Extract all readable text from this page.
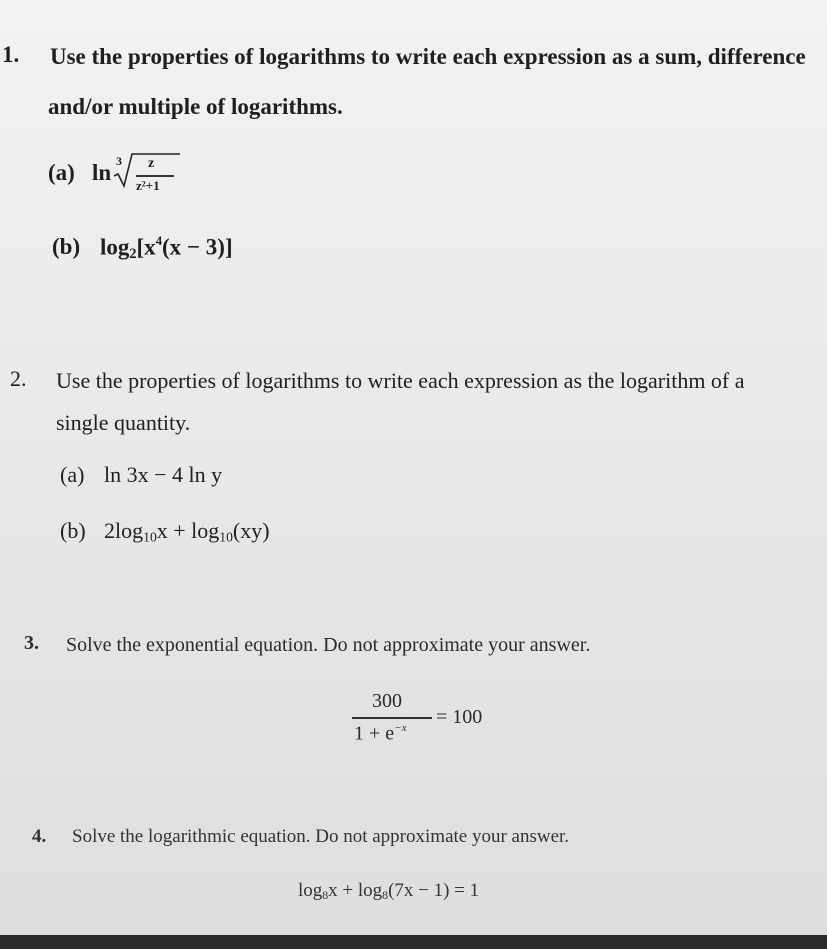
1. Use the properties of logarithms to write each expression as a sum, difference
and/or multiple of logarithms.
(a) ln 3 z
z²+1
(b) $\log_2[x^4(x - 3)]$
2. Use the properties of logarithms to write each expression as the logarithm of a
single quantity.
(a) ln 3x − 4 ln y
(b) $2\log_{10}x + \log_{10}(xy)$
3. Solve the exponential equation. Do not approximate your answer.
300
$1 + e^{-x} = 100$
4. Solve the logarithmic equation. Do not approximate your answer.
$\log_8x + \log_8(7x - 1) = 1$
